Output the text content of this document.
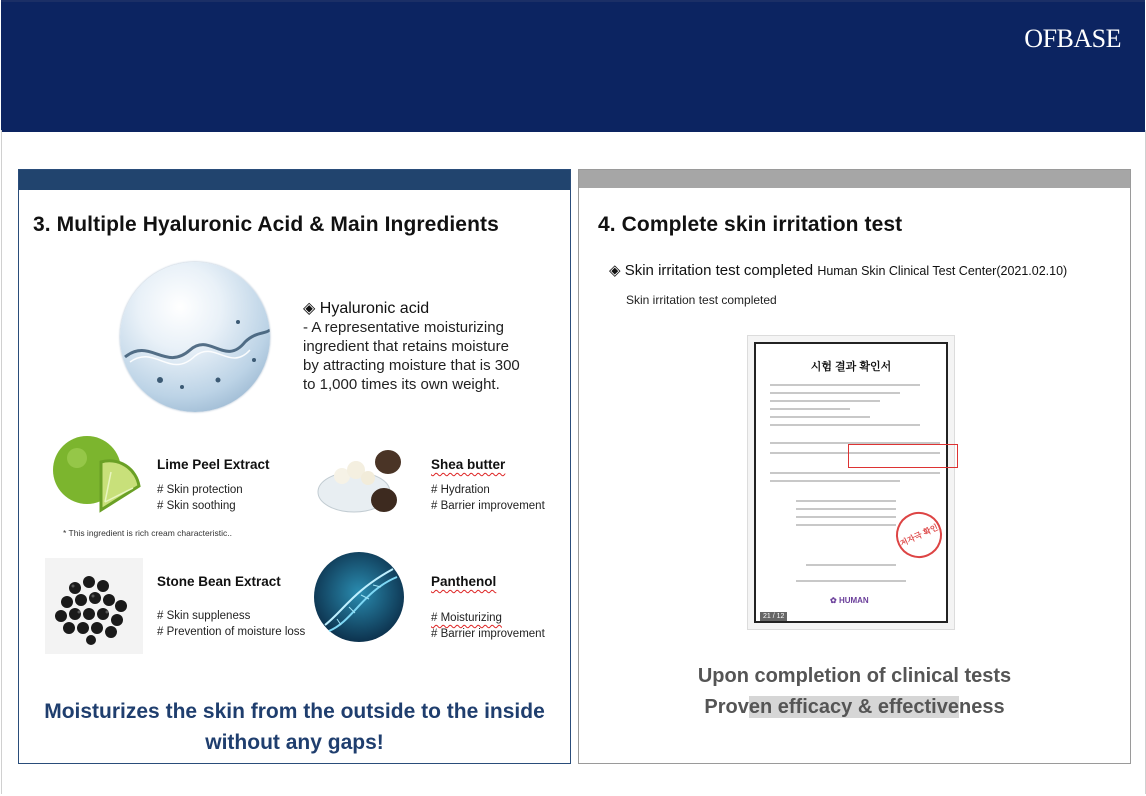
OFBASE
3. Multiple Hyaluronic Acid & Main Ingredients
◈ Hyaluronic acid
- A representative moisturizing
ingredient that retains moisture
by attracting moisture that is 300
to 1,000 times its own weight.
Lime Peel Extract
# Skin protection
# Skin soothing
* This ingredient is rich cream characteristic..
Shea butter
# Hydration
# Barrier improvement
Stone Bean Extract
# Skin suppleness
# Prevention of moisture loss
Panthenol
# Moisturizing
# Barrier improvement
Moisturizes the skin from the outside to the inside
without any gaps!
4. Complete skin irritation test
◈ Skin irritation test completed Human Skin Clinical Test Center(2021.02.10)
Skin irritation test completed
시험 결과 확인서
저자극 확인
✿ HUMAN
21 / 12
Upon completion of clinical tests
Proven efficacy & effectiveness
